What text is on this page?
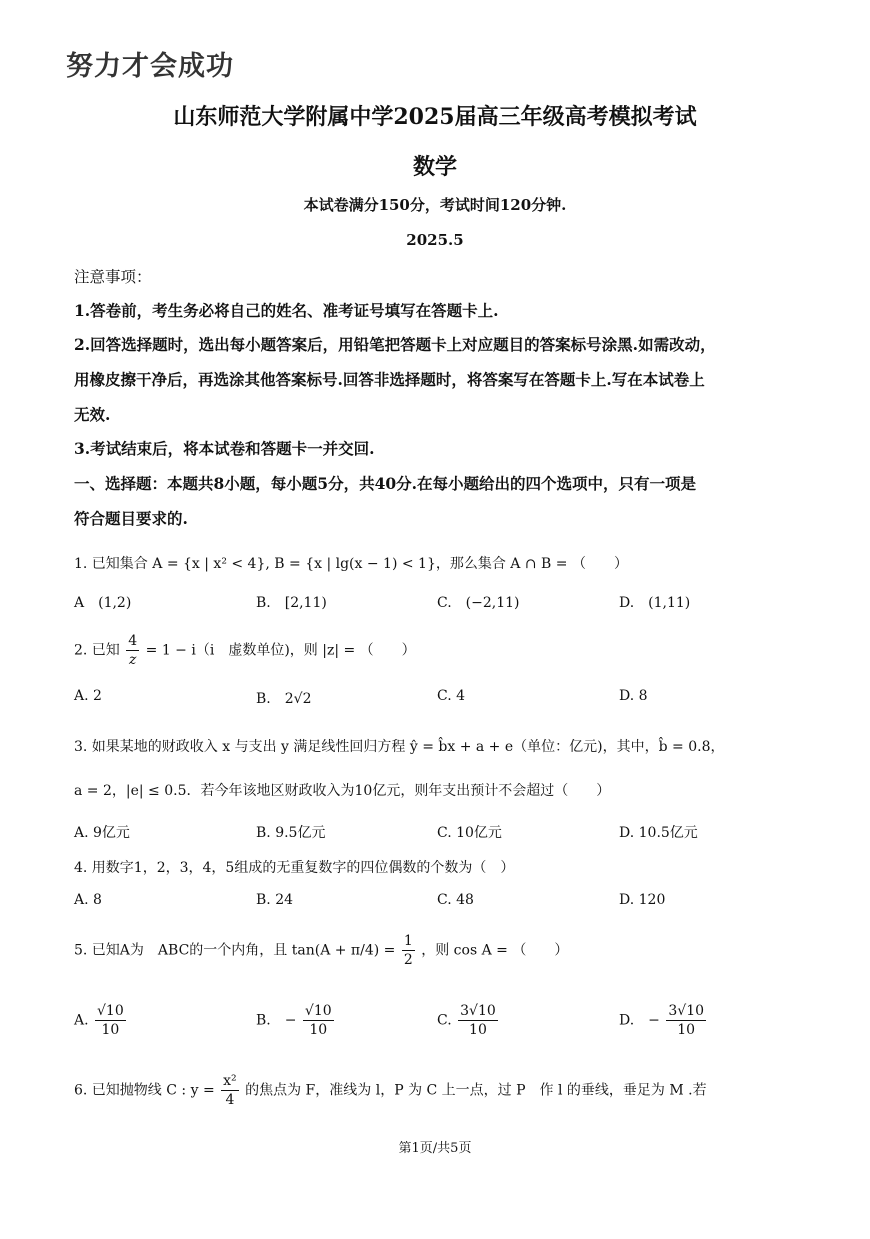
努力才会成功
山东师范大学附属中学2025届高三年级高考模拟考试
数学
本试卷满分150分，考试时间120分钟.
2025.5
注意事项：
1.答卷前，考生务必将自己的姓名、准考证号填写在答题卡上.
2.回答选择题时，选出每小题答案后，用铅笔把答题卡上对应题目的答案标号涂黑.如需改动，
用橡皮擦干净后，再选涂其他答案标号.回答非选择题时，将答案写在答题卡上.写在本试卷上
无效.
3.考试结束后，将本试卷和答题卡一并交回.
一、选择题：本题共8小题，每小题5分，共40分.在每小题给出的四个选项中，只有一项是
符合题目要求的.
1. 已知集合 A = {x | x² < 4}, B = {x | lg(x − 1) < 1}，那么集合 A ∩ B = （　　）
A　(1,2)	B.　[2,11)	C.　(−2,11)	D.　(1,11)
2. 已知 $\frac{4}{z} = 1 - i(i$　虚数单位)，则 |z| = （　　）
A. 2	B.　2√2	C. 4	D. 8
3. 如果某地的财政收入 x 与支出 y 满足线性回归方程 ŷ = b̂x + a + e（单位：亿元)，其中，b̂ = 0.8，
a = 2，|e| ≤ 0.5．若今年该地区财政收入为10亿元，则年支出预计不会超过（　　）
A. 9亿元	B. 9.5亿元	C. 10亿元	D. 10.5亿元
4. 用数字1，2，3，4，5组成的无重复数字的四位偶数的个数为（　）
A. 8	B. 24	C. 48	D. 120
5. 已知A为　ABC的一个内角，且 $\tan(A + \pi/4) = \frac{1}{2}$ ，则 cos A = （　　）
A. $\frac{√10}{10}$	B.　− $\frac{√10}{10}$	C. $\frac{3√10}{10}$	D.　− $\frac{3√10}{10}$
6. 已知抛物线 C : $y = \frac{\text{x²}}{4}$ 的焦点为 F，准线为 l，P 为 C 上一点，过 P　作 l 的垂线，垂足为 M .若
第1页/共5页
